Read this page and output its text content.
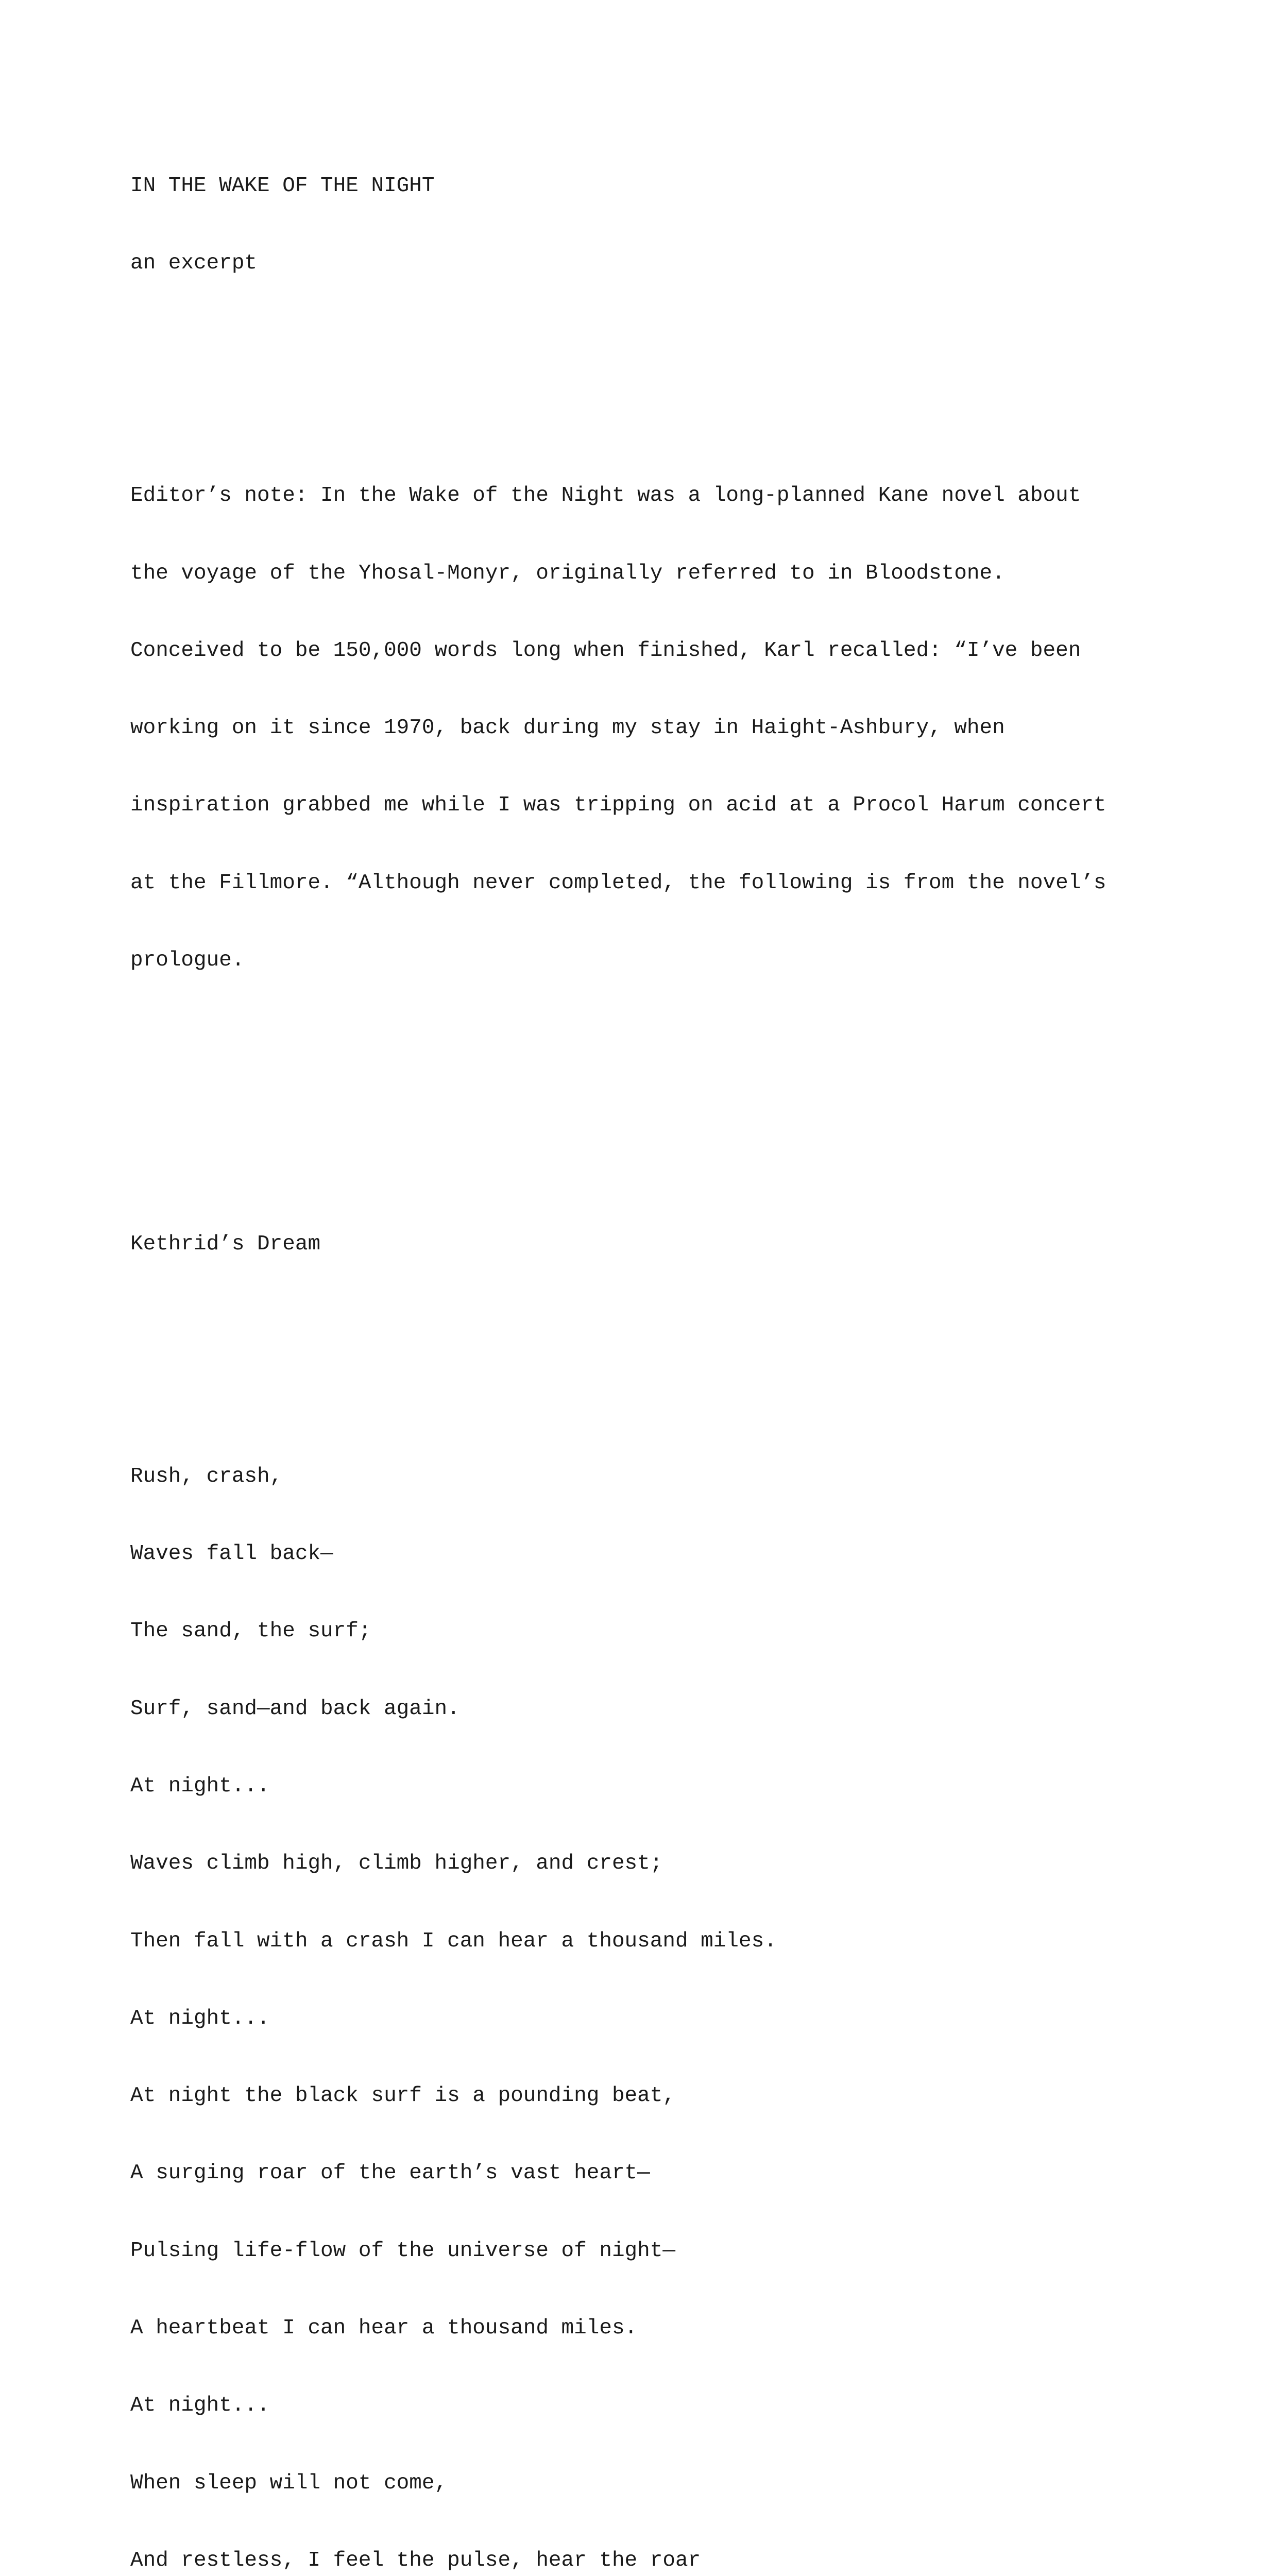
IN THE WAKE OF THE NIGHT

an excerpt

Editor’s note: In the Wake of the Night was a long-planned Kane novel about

the voyage of the Yhosal-Monyr, originally referred to in Bloodstone.

Conceived to be 150,000 words long when finished, Karl recalled: “I’ve been

working on it since 1970, back during my stay in Haight-Ashbury, when

inspiration grabbed me while I was tripping on acid at a Procol Harum concert

at the Fillmore. “Although never completed, the following is from the novel’s

prologue.

Kethrid’s Dream

Rush, crash,

Waves fall back—

The sand, the surf;

Surf, sand—and back again.

At night...

Waves climb high, climb higher, and crest;

Then fall with a crash I can hear a thousand miles.

At night...

At night the black surf is a pounding beat,

A surging roar of the earth’s vast heart—

Pulsing life-flow of the universe of night—

A heartbeat I can hear a thousand miles.

At night...

When sleep will not come,

And restless, I feel the pulse, hear the roar
